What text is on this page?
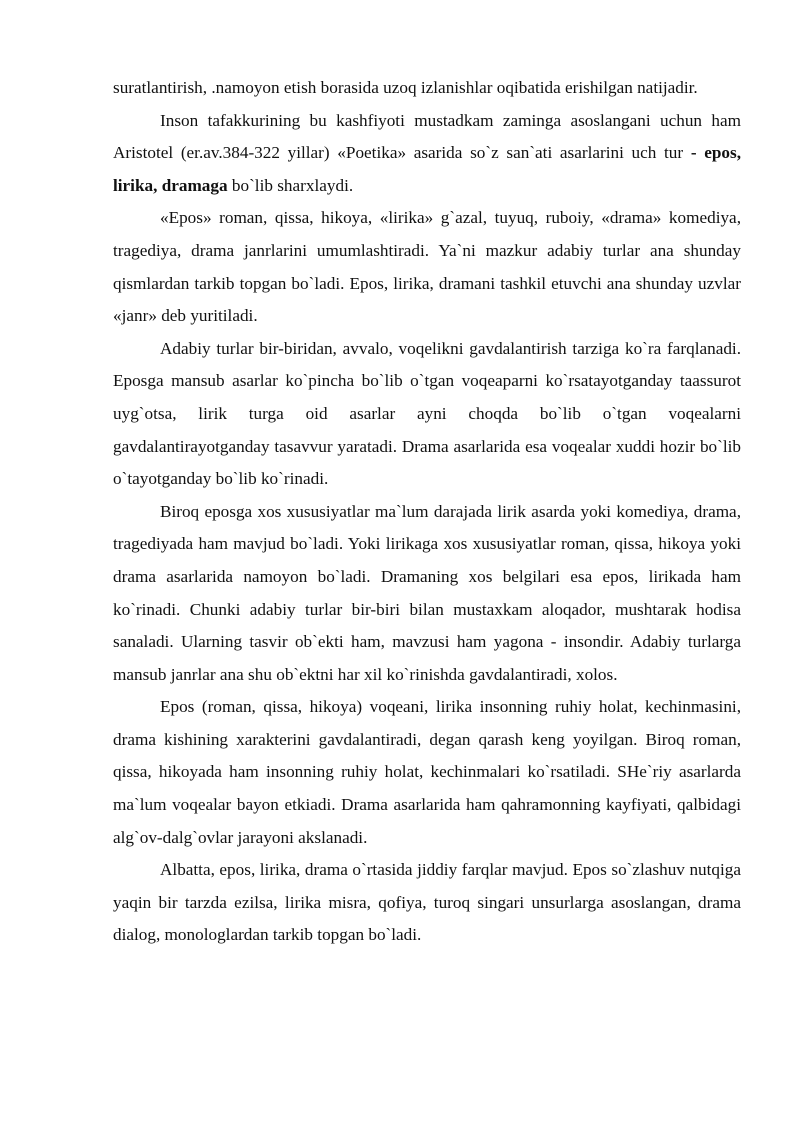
suratlantirish, .namoyon etish borasida uzoq izlanishlar oqibatida erishilgan natijadir.

Inson tafakkurining bu kashfiyoti mustadkam zaminga asoslangani uchun ham Aristotel (er.av.384-322 yillar) «Poetika» asarida so`z san`ati asarlarini uch tur - epos, lirika, dramaga bo`lib sharxlaydi.

«Epos» roman, qissa, hikoya, «lirika» g`azal, tuyuq, ruboiy, «drama» komediya, tragediya, drama janrlarini umumlashtiradi. Ya`ni mazkur adabiy turlar ana shunday qismlardan tarkib topgan bo`ladi. Epos, lirika, dramani tashkil etuvchi ana shunday uzvlar «janr» deb yuritiladi.

Adabiy turlar bir-biridan, avvalo, voqelikni gavdalantirish tarziga ko`ra farqlanadi. Eposga mansub asarlar ko`pincha bo`lib o`tgan voqeaparni ko`rsatayotganday taassurot uyg`otsa, lirik turga oid asarlar ayni choqda bo`lib o`tgan voqealarni gavdalantirayotganday tasavvur yaratadi. Drama asarlarida esa voqealar xuddi hozir bo`lib o`tayotganday bo`lib ko`rinadi.

Biroq eposga xos xususiyatlar ma`lum darajada lirik asarda yoki komediya, drama, tragediyada ham mavjud bo`ladi. Yoki lirikaga xos xususiyatlar roman, qissa, hikoya yoki drama asarlarida namoyon bo`ladi. Dramaning xos belgilari esa epos, lirikada ham ko`rinadi. Chunki adabiy turlar bir-biri bilan mustaxkam aloqador, mushtarak hodisa sanaladi. Ularning tasvir ob`ekti ham, mavzusi ham yagona - insondir. Adabiy turlarga mansub janrlar ana shu ob`ektni har xil ko`rinishda gavdalantiradi, xolos.

Epos (roman, qissa, hikoya) voqeani, lirika insonning ruhiy holat, kechinmasini, drama kishining xarakterini gavdalantiradi, degan qarash keng yoyilgan. Biroq roman, qissa, hikoyada ham insonning ruhiy holat, kechinmalari ko`rsatiladi. SHe`riy asarlarda ma`lum voqealar bayon etkiadi. Drama asarlarida ham qahramonning kayfiyati, qalbidagi alg`ov-dalg`ovlar jarayoni akslanadi.

Albatta, epos, lirika, drama o`rtasida jiddiy farqlar mavjud. Epos so`zlashuv nutqiga yaqin bir tarzda ezilsa, lirika misra, qofiya, turoq singari unsurlarga asoslangan, drama dialog, monologlardan tarkib topgan bo`ladi.
